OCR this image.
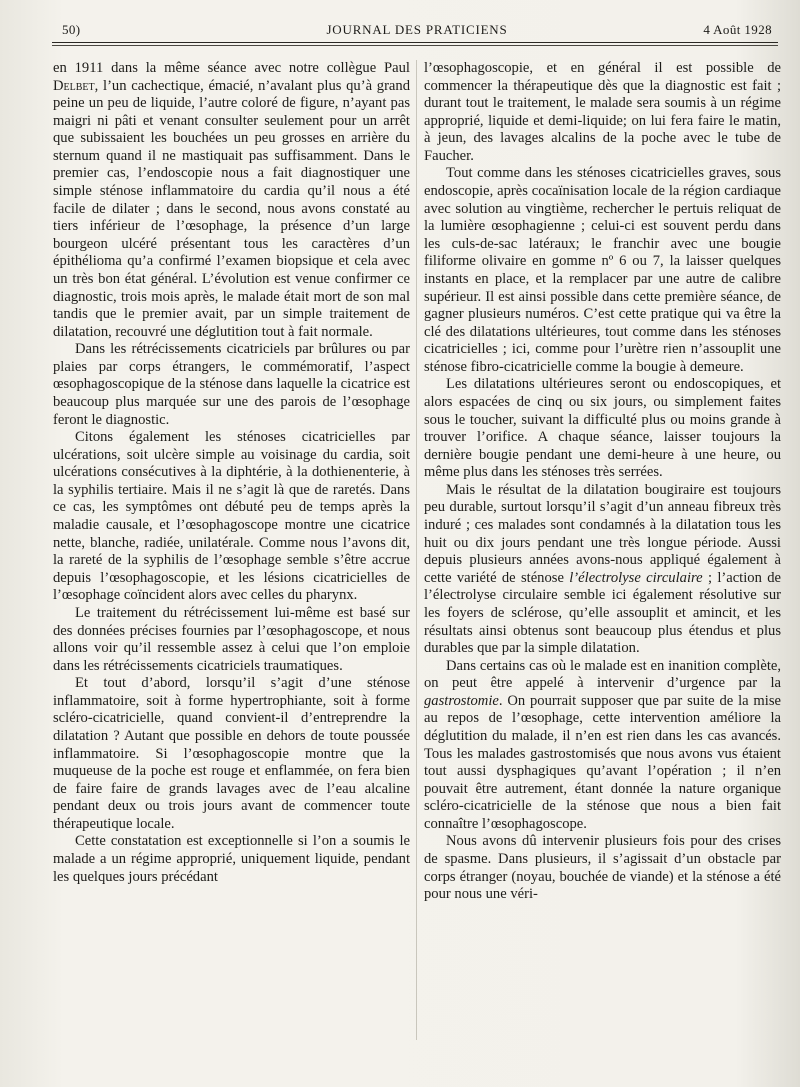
50)	JOURNAL DES PRATICIENS	4 Août 1928

en 1911 dans la même séance avec notre collègue Paul Delbet, l’un cachectique, émacié, n’avalant plus qu’à grand peine un peu de liquide, l’autre coloré de figure, n’ayant pas maigri ni pâti et venant consulter seulement pour un arrêt que subissaient les bouchées un peu grosses en arrière du sternum quand il ne mastiquait pas suffisamment. Dans le premier cas, l’endoscopie nous a fait diagnostiquer une simple sténose inflammatoire du cardia qu’il nous a été facile de dilater ; dans le second, nous avons constaté au tiers inférieur de l’œsophage, la présence d’un large bourgeon ulcéré présentant tous les caractères d’un épithélioma qu’a confirmé l’examen biopsique et cela avec un très bon état général. L’évolution est venue confirmer ce diagnostic, trois mois après, le malade était mort de son mal tandis que le premier avait, par un simple traitement de dilatation, recouvré une déglutition tout à fait normale.

Dans les rétrécissements cicatriciels par brûlures ou par plaies par corps étrangers, le commémoratif, l’aspect œsophagoscopique de la sténose dans laquelle la cicatrice est beaucoup plus marquée sur une des parois de l’œsophage feront le diagnostic.

Citons également les sténoses cicatricielles par ulcérations, soit ulcère simple au voisinage du cardia, soit ulcérations consécutives à la diphtérie, à la dothienenterie, à la syphilis tertiaire. Mais il ne s’agit là que de raretés. Dans ce cas, les symptômes ont débuté peu de temps après la maladie causale, et l’œsophagoscope montre une cicatrice nette, blanche, radiée, unilatérale. Comme nous l’avons dit, la rareté de la syphilis de l’œsophage semble s’être accrue depuis l’œsophagoscopie, et les lésions cicatricielles de l’œsophage coïncident alors avec celles du pharynx.

Le traitement du rétrécissement lui-même est basé sur des données précises fournies par l’œsophagoscope, et nous allons voir qu’il ressemble assez à celui que l’on emploie dans les rétrécissements cicatriciels traumatiques.

Et tout d’abord, lorsqu’il s’agit d’une sténose inflammatoire, soit à forme hypertrophiante, soit à forme scléro-cicatricielle, quand convient-il d’entreprendre la dilatation ? Autant que possible en dehors de toute poussée inflammatoire. Si l’œsophagoscopie montre que la muqueuse de la poche est rouge et enflammée, on fera bien de faire faire de grands lavages avec de l’eau alcaline pendant deux ou trois jours avant de commencer toute thérapeutique locale.

Cette constatation est exceptionnelle si l’on a soumis le malade a un régime approprié, uniquement liquide, pendant les quelques jours précédant

l’œsophagoscopie, et en général il est possible de commencer la thérapeutique dès que la diagnostic est fait ; durant tout le traitement, le malade sera soumis à un régime approprié, liquide et demi-liquide; on lui fera faire le matin, à jeun, des lavages alcalins de la poche avec le tube de Faucher.

Tout comme dans les sténoses cicatricielles graves, sous endoscopie, après cocaïnisation locale de la région cardiaque avec solution au vingtième, rechercher le pertuis reliquat de la lumière œsophagienne ; celui-ci est souvent perdu dans les culs-de-sac latéraux; le franchir avec une bougie filiforme olivaire en gomme nº 6 ou 7, la laisser quelques instants en place, et la remplacer par une autre de calibre supérieur. Il est ainsi possible dans cette première séance, de gagner plusieurs numéros. C’est cette pratique qui va être la clé des dilatations ultérieures, tout comme dans les sténoses cicatricielles ; ici, comme pour l’urètre rien n’assouplit une sténose fibro-cicatricielle comme la bougie à demeure.

Les dilatations ultérieures seront ou endoscopiques, et alors espacées de cinq ou six jours, ou simplement faites sous le toucher, suivant la difficulté plus ou moins grande à trouver l’orifice. A chaque séance, laisser toujours la dernière bougie pendant une demi-heure à une heure, ou même plus dans les sténoses très serrées.

Mais le résultat de la dilatation bougiraire est toujours peu durable, surtout lorsqu’il s’agit d’un anneau fibreux très induré ; ces malades sont condamnés à la dilatation tous les huit ou dix jours pendant une très longue période. Aussi depuis plusieurs années avons-nous appliqué également à cette variété de sténose l’électrolyse circulaire ; l’action de l’électrolyse circulaire semble ici également résolutive sur les foyers de sclérose, qu’elle assouplit et amincit, et les résultats ainsi obtenus sont beaucoup plus étendus et plus durables que par la simple dilatation.

Dans certains cas où le malade est en inanition complète, on peut être appelé à intervenir d’urgence par la gastrostomie. On pourrait supposer que par suite de la mise au repos de l’œsophage, cette intervention améliore la déglutition du malade, il n’en est rien dans les cas avancés. Tous les malades gastrostomisés que nous avons vus étaient tout aussi dysphagiques qu’avant l’opération ; il n’en pouvait être autrement, étant donnée la nature organique scléro-cicatricielle de la sténose que nous a bien fait connaître l’œsophagoscope.

Nous avons dû intervenir plusieurs fois pour des crises de spasme. Dans plusieurs, il s’agissait d’un obstacle par corps étranger (noyau, bouchée de viande) et la sténose a été pour nous une véri-
